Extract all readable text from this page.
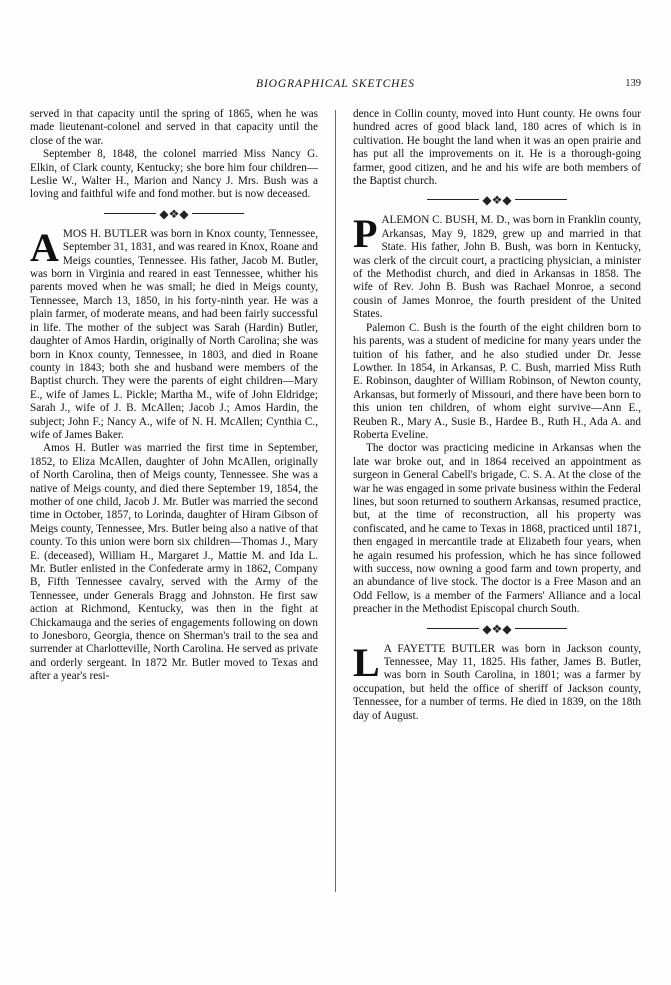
BIOGRAPHICAL SKETCHES	139

served in that capacity until the spring of 1865, when he was made lieutenant-colonel and served in that capacity until the close of the war.

September 8, 1848, the colonel married Miss Nancy G. Elkin, of Clark county, Kentucky; she bore him four children—Leslie W., Walter H., Marion and Nancy J. Mrs. Bush was a loving and faithful wife and fond mother. but is now deceased.

◆❖◆

AMOS H. BUTLER was born in Knox county, Tennessee, September 31, 1831, and was reared in Knox, Roane and Meigs counties, Tennessee. His father, Jacob M. Butler, was born in Virginia and reared in east Tennessee, whither his parents moved when he was small; he died in Meigs county, Tennessee, March 13, 1850, in his forty-ninth year. He was a plain farmer, of moderate means, and had been fairly successful in life. The mother of the subject was Sarah (Hardin) Butler, daughter of Amos Hardin, originally of North Carolina; she was born in Knox county, Tennessee, in 1803, and died in Roane county in 1843; both she and husband were members of the Baptist church. They were the parents of eight children—Mary E., wife of James L. Pickle; Martha M., wife of John Eldridge; Sarah J., wife of J. B. McAllen; Jacob J.; Amos Hardin, the subject; John F.; Nancy A., wife of N. H. McAllen; Cynthia C., wife of James Baker.

Amos H. Butler was married the first time in September, 1852, to Eliza McAllen, daughter of John McAllen, originally of North Carolina, then of Meigs county, Tennessee. She was a native of Meigs county, and died there September 19, 1854, the mother of one child, Jacob J. Mr. Butler was married the second time in October, 1857, to Lorinda, daughter of Hiram Gibson of Meigs county, Tennessee, Mrs. Butler being also a native of that county. To this union were born six children—Thomas J., Mary E. (deceased), William H., Margaret J., Mattie M. and Ida L. Mr. Butler enlisted in the Confederate army in 1862, Company B, Fifth Tennessee cavalry, served with the Army of the Tennessee, under Generals Bragg and Johnston. He first saw action at Richmond, Kentucky, was then in the fight at Chickamauga and the series of engagements following on down to Jonesboro, Georgia, thence on Sherman's trail to the sea and surrender at Charlotteville, North Carolina. He served as private and orderly sergeant. In 1872 Mr. Butler moved to Texas and after a year's resi-

dence in Collin county, moved into Hunt county. He owns four hundred acres of good black land, 180 acres of which is in cultivation. He bought the land when it was an open prairie and has put all the improvements on it. He is a thorough-going farmer, good citizen, and he and his wife are both members of the Baptist church.

◆❖◆

PALEMON C. BUSH, M. D., was born in Franklin county, Arkansas, May 9, 1829, grew up and married in that State. His father, John B. Bush, was born in Kentucky, was clerk of the circuit court, a practicing physician, a minister of the Methodist church, and died in Arkansas in 1858. The wife of Rev. John B. Bush was Rachael Monroe, a second cousin of James Monroe, the fourth president of the United States.

Palemon C. Bush is the fourth of the eight children born to his parents, was a student of medicine for many years under the tuition of his father, and he also studied under Dr. Jesse Lowther. In 1854, in Arkansas, P. C. Bush, married Miss Ruth E. Robinson, daughter of William Robinson, of Newton county, Arkansas, but formerly of Missouri, and there have been born to this union ten children, of whom eight survive—Ann E., Reuben R., Mary A., Susie B., Hardee B., Ruth H., Ada A. and Roberta Eveline.

The doctor was practicing medicine in Arkansas when the late war broke out, and in 1864 received an appointment as surgeon in General Cabell's brigade, C. S. A. At the close of the war he was engaged in some private business within the Federal lines, but soon returned to southern Arkansas, resumed practice, but, at the time of reconstruction, all his property was confiscated, and he came to Texas in 1868, practiced until 1871, then engaged in mercantile trade at Elizabeth four years, when he again resumed his profession, which he has since followed with success, now owning a good farm and town property, and an abundance of live stock. The doctor is a Free Mason and an Odd Fellow, is a member of the Farmers' Alliance and a local preacher in the Methodist Episcopal church South.

◆❖◆

L A FAYETTE BUTLER was born in Jackson county, Tennessee, May 11, 1825. His father, James B. Butler, was born in South Carolina, in 1801; was a farmer by occupation, but held the office of sheriff of Jackson county, Tennessee, for a number of terms. He died in 1839, on the 18th day of August.
